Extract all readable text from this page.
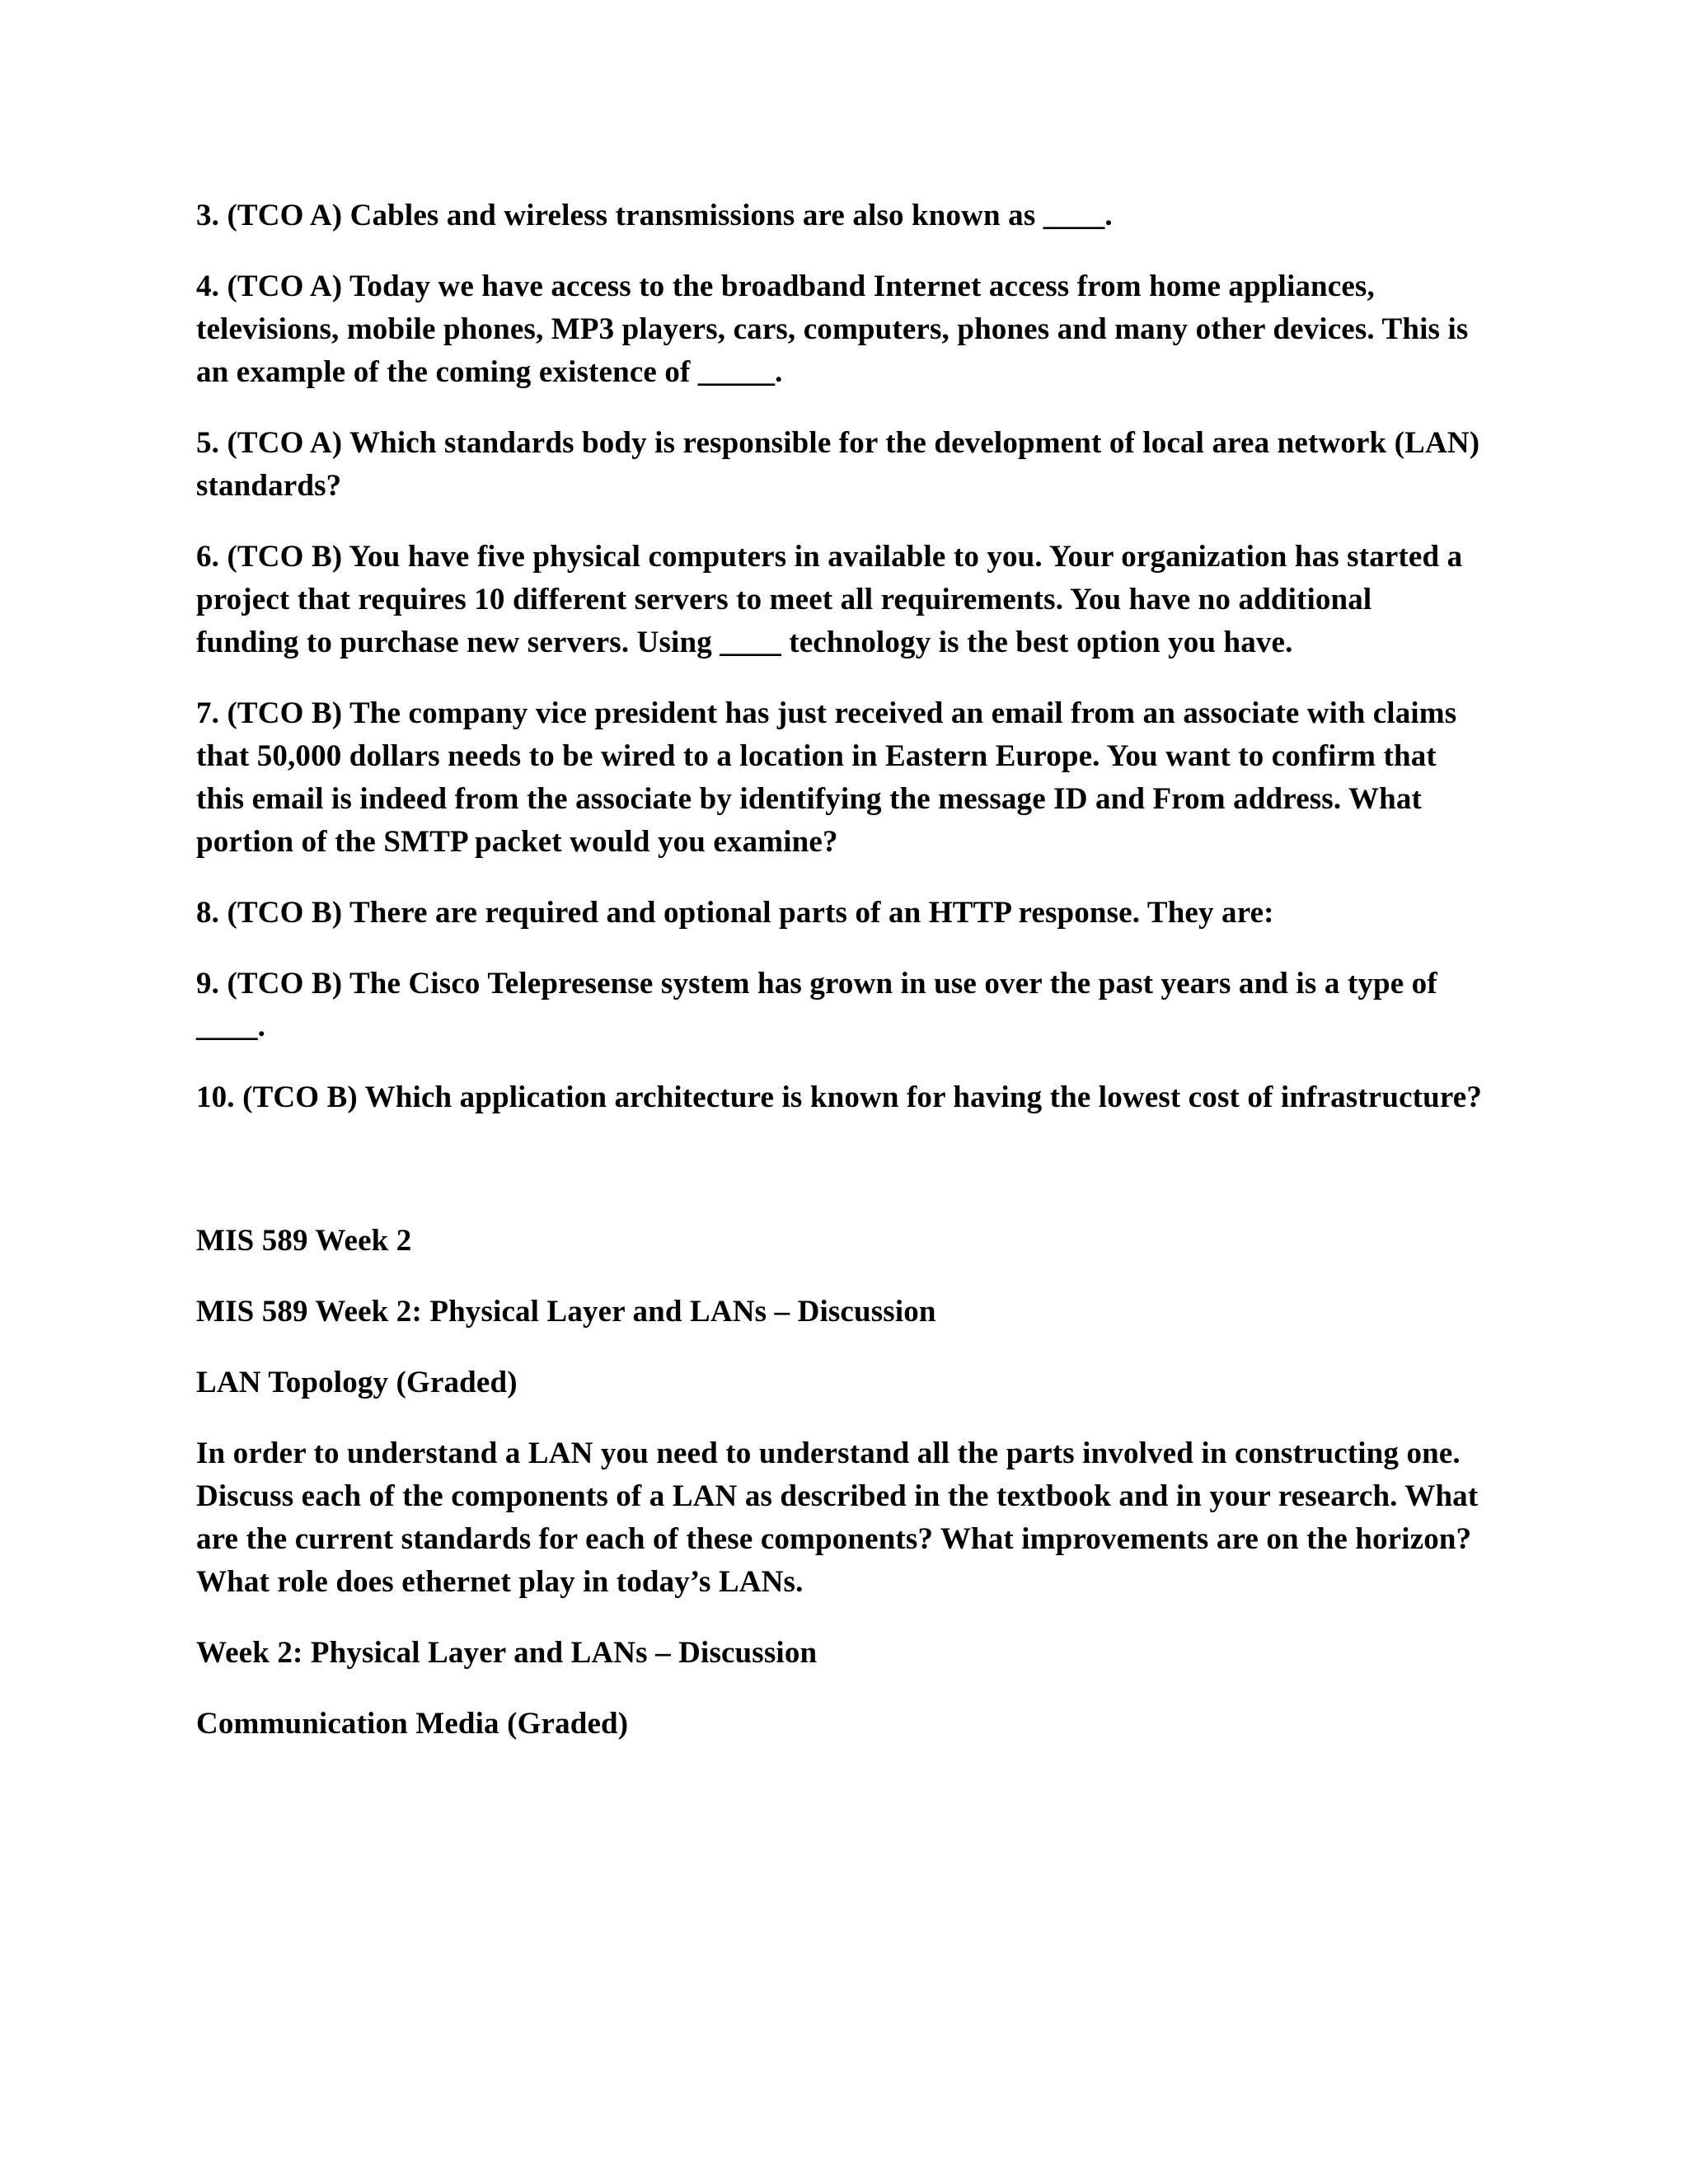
3. (TCO A) Cables and wireless transmissions are also known as ____.

4. (TCO A) Today we have access to the broadband Internet access from home appliances, televisions, mobile phones, MP3 players, cars, computers, phones and many other devices. This is an example of the coming existence of _____.

5. (TCO A) Which standards body is responsible for the development of local area network (LAN) standards?

6. (TCO B) You have five physical computers in available to you. Your organization has started a project that requires 10 different servers to meet all requirements. You have no additional funding to purchase new servers. Using ____ technology is the best option you have.

7. (TCO B) The company vice president has just received an email from an associate with claims that 50,000 dollars needs to be wired to a location in Eastern Europe. You want to confirm that this email is indeed from the associate by identifying the message ID and From address. What portion of the SMTP packet would you examine?

8. (TCO B) There are required and optional parts of an HTTP response. They are:

9. (TCO B) The Cisco Telepresense system has grown in use over the past years and is a type of ____.

10. (TCO B) Which application architecture is known for having the lowest cost of infrastructure?

MIS 589 Week 2

MIS 589 Week 2: Physical Layer and LANs – Discussion

LAN Topology (Graded)

In order to understand a LAN you need to understand all the parts involved in constructing one. Discuss each of the components of a LAN as described in the textbook and in your research. What are the current standards for each of these components? What improvements are on the horizon? What role does ethernet play in today’s LANs.

Week 2: Physical Layer and LANs – Discussion

Communication Media (Graded)
